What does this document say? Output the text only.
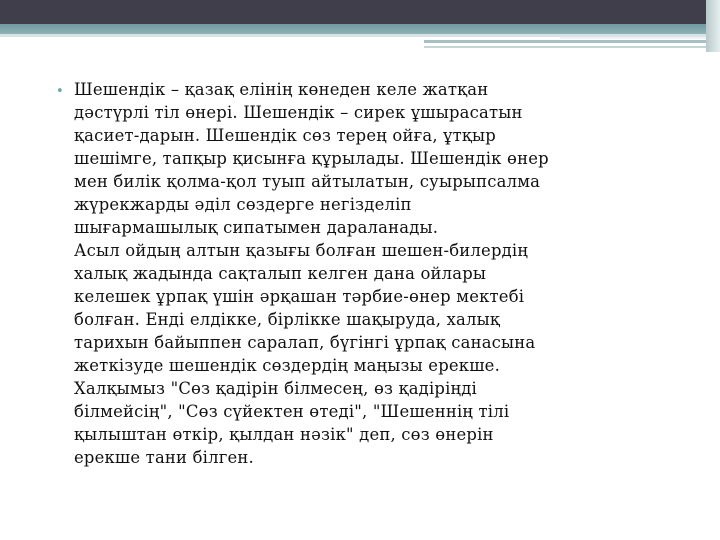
• Шешендік – қазақ елінің көнеден келе жатқан
дәстүрлі тіл өнері. Шешендік – сирек ұшырасатын
қасиет-дарын. Шешендік сөз терең ойға, ұтқыр
шешімге, тапқыр қисынға құрылады. Шешендік өнер
мен билік қолма-қол туып айтылатын, суырыпсалма
жүрекжарды әділ сөздерге негізделіп
шығармашылық сипатымен дараланады.

Асыл ойдың алтын қазығы болған шешен-билердің
халық жадында сақталып келген дана ойлары
келешек ұрпақ үшін әрқашан тәрбие-өнер мектебі
болған. Енді елдікке, бірлікке шақыруда, халық
тарихын байыппен саралап, бүгінгі ұрпақ санасына
жеткізуде шешендік сөздердің маңызы ерекше.
Халқымыз "Сөз қадірін білмесең, өз қадіріңді
білмейсің", "Сөз сүйектен өтеді", "Шешеннің тілі
қылыштан өткір, қылдан нәзік" деп, сөз өнерін
ерекше тани білген.
